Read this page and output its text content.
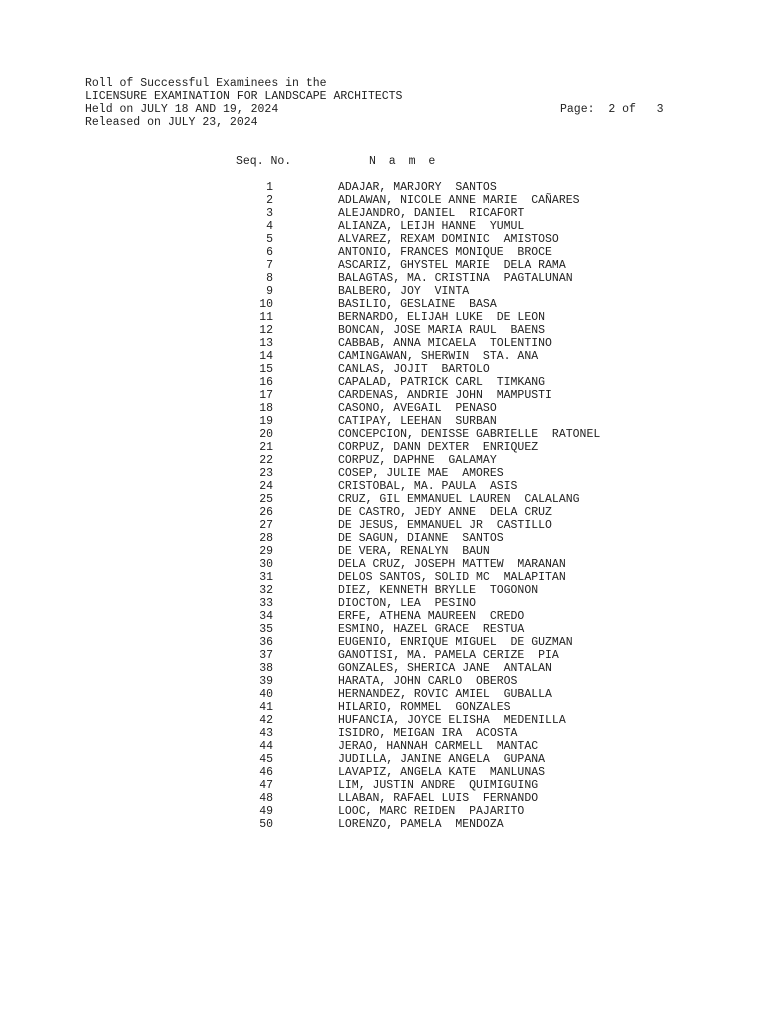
Roll of Successful Examinees in the
LICENSURE EXAMINATION FOR LANDSCAPE ARCHITECTS
Held on JULY 18 AND 19, 2024
Released on JULY 23, 2024
Page: 2 of 3
Seq. No.	N a m e
1	ADAJAR, MARJORY  SANTOS
2	ADLAWAN, NICOLE ANNE MARIE  CAÑARES
3	ALEJANDRO, DANIEL  RICAFORT
4	ALIANZA, LEIJH HANNE  YUMUL
5	ALVAREZ, REXAM DOMINIC  AMISTOSO
6	ANTONIO, FRANCES MONIQUE  BROCE
7	ASCARIZ, GHYSTEL MARIE  DELA RAMA
8	BALAGTAS, MA. CRISTINA  PAGTALUNAN
9	BALBERO, JOY  VINTA
10	BASILIO, GESLAINE  BASA
11	BERNARDO, ELIJAH LUKE  DE LEON
12	BONCAN, JOSE MARIA RAUL  BAENS
13	CABBAB, ANNA MICAELA  TOLENTINO
14	CAMINGAWAN, SHERWIN  STA. ANA
15	CANLAS, JOJIT  BARTOLO
16	CAPALAD, PATRICK CARL  TIMKANG
17	CARDENAS, ANDRIE JOHN  MAMPUSTI
18	CASONO, AVEGAIL  PENASO
19	CATIPAY, LEEHAN  SURBAN
20	CONCEPCION, DENISSE GABRIELLE  RATONEL
21	CORPUZ, DANN DEXTER  ENRIQUEZ
22	CORPUZ, DAPHNE  GALAMAY
23	COSEP, JULIE MAE  AMORES
24	CRISTOBAL, MA. PAULA  ASIS
25	CRUZ, GIL EMMANUEL LAUREN  CALALANG
26	DE CASTRO, JEDY ANNE  DELA CRUZ
27	DE JESUS, EMMANUEL JR  CASTILLO
28	DE SAGUN, DIANNE  SANTOS
29	DE VERA, RENALYN  BAUN
30	DELA CRUZ, JOSEPH MATTEW  MARANAN
31	DELOS SANTOS, SOLID MC  MALAPITAN
32	DIEZ, KENNETH BRYLLE  TOGONON
33	DIOCTON, LEA  PESINO
34	ERFE, ATHENA MAUREEN  CREDO
35	ESMINO, HAZEL GRACE  RESTUA
36	EUGENIO, ENRIQUE MIGUEL  DE GUZMAN
37	GANOTISI, MA. PAMELA CERIZE  PIA
38	GONZALES, SHERICA JANE  ANTALAN
39	HARATA, JOHN CARLO  OBEROS
40	HERNANDEZ, ROVIC AMIEL  GUBALLA
41	HILARIO, ROMMEL  GONZALES
42	HUFANCIA, JOYCE ELISHA  MEDENILLA
43	ISIDRO, MEIGAN IRA  ACOSTA
44	JERAO, HANNAH CARMELL  MANTAC
45	JUDILLA, JANINE ANGELA  GUPANA
46	LAVAPIZ, ANGELA KATE  MANLUNAS
47	LIM, JUSTIN ANDRE  QUIMIGUING
48	LLABAN, RAFAEL LUIS  FERNANDO
49	LOOC, MARC REIDEN  PAJARITO
50	LORENZO, PAMELA  MENDOZA
